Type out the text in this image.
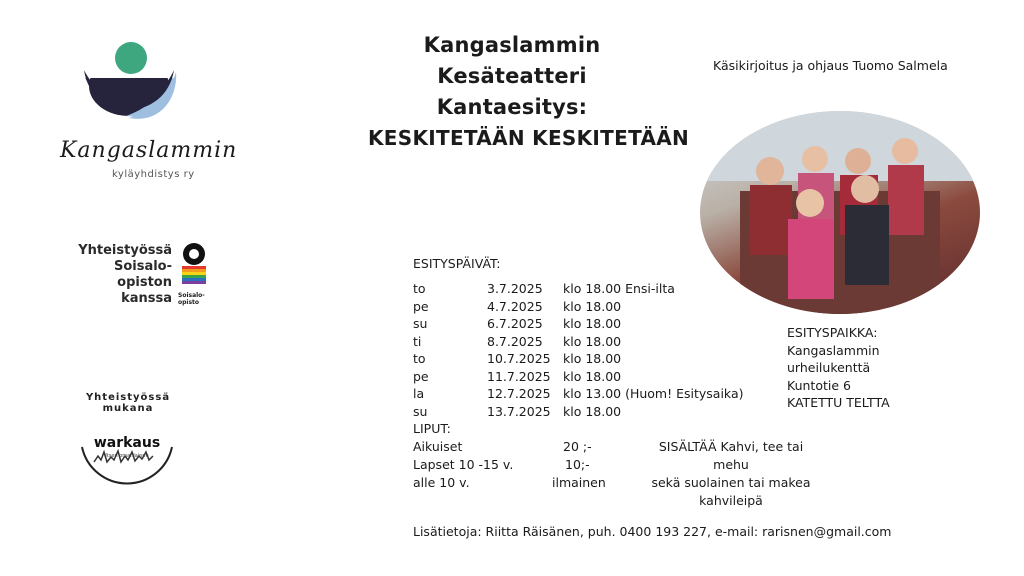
Kangaslammin
kyläyhdistys ry
Yhteistyössä
Soisalo-opiston
kanssa Soisalo-opisto
Yhteistyössä mukana
warkaus
Itsen omanlainen
Kangaslammin Kesäteatteri
Kantaesitys:
KESKITETÄÄN KESKITETÄÄN
Käsikirjoitus ja ohjaus Tuomo Salmela
ESITYSPÄIVÄT:
to	3.7.2025 klo 18.00 Ensi-ilta
pe	4.7.2025 klo 18.00
su	6.7.2025 klo 18.00
ti	8.7.2025 klo 18.00
to	10.7.2025 klo 18.00
pe	11.7.2025 klo 18.00
la	12.7.2025 klo 13.00 (Huom! Esitysaika)
su	13.7.2025 klo 18.00
LIPUT:
Aikuiset	20 ;-
Lapset 10 -15 v.	10;-
alle 10 v.	ilmainen
SISÄLTÄÄ Kahvi, tee tai mehu
sekä suolainen tai makea
kahvileipä
ESITYSPAIKKA:
Kangaslammin
urheilukenttä
Kuntotie 6
KATETTU TELTTA
Lisätietoja: Riitta Räisänen, puh. 0400 193 227, e-mail: rarisnen@gmail.com
